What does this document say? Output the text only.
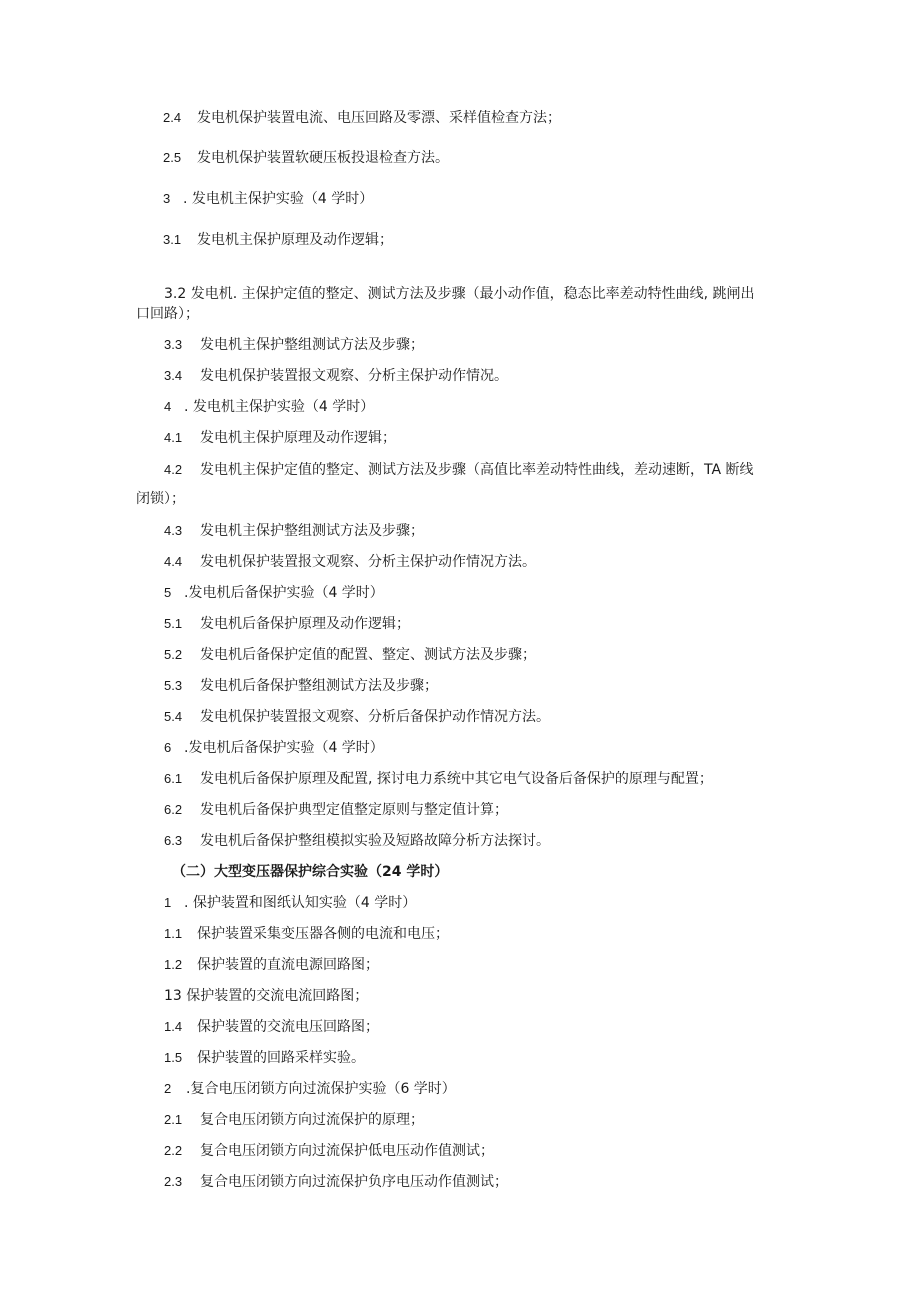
2.4 发电机保护装置电流、电压回路及零漂、采样值检查方法；
2.5 发电机保护装置软硬压板投退检查方法。
3 . 发电机主保护实验（4 学时）
3.1 发电机主保护原理及动作逻辑；
3.2 发电机. 主保护定值的整定、测试方法及步骤（最小动作值，稳态比率差动特性曲线, 跳闸出
口回路）；
3.3 发电机主保护整组测试方法及步骤；
3.4 发电机保护装置报文观察、分析主保护动作情况。
4 . 发电机主保护实验（4 学时）
4.1 发电机主保护原理及动作逻辑；
4.2 发电机主保护定值的整定、测试方法及步骤（高值比率差动特性曲线，差动速断，TA 断线
闭锁）；
4.3 发电机主保护整组测试方法及步骤；
4.4 发电机保护装置报文观察、分析主保护动作情况方法。
5 .发电机后备保护实验（4 学时）
5.1 发电机后备保护原理及动作逻辑；
5.2 发电机后备保护定值的配置、整定、测试方法及步骤；
5.3 发电机后备保护整组测试方法及步骤；
5.4 发电机保护装置报文观察、分析后备保护动作情况方法。
6 .发电机后备保护实验（4 学时）
6.1 发电机后备保护原理及配置, 探讨电力系统中其它电气设备后备保护的原理与配置；
6.2 发电机后备保护典型定值整定原则与整定值计算；
6.3 发电机后备保护整组模拟实验及短路故障分析方法探讨。
（二）大型变压器保护综合实验（24 学时）
1 . 保护装置和图纸认知实验（4 学时）
1.1 保护装置采集变压器各侧的电流和电压；
1.2 保护装置的直流电源回路图；
13 保护装置的交流电流回路图；
1.4 保护装置的交流电压回路图；
1.5 保护装置的回路采样实验。
2 .复合电压闭锁方向过流保护实验（6 学时）
2.1 复合电压闭锁方向过流保护的原理；
2.2 复合电压闭锁方向过流保护低电压动作值测试；
2.3 复合电压闭锁方向过流保护负序电压动作值测试；
